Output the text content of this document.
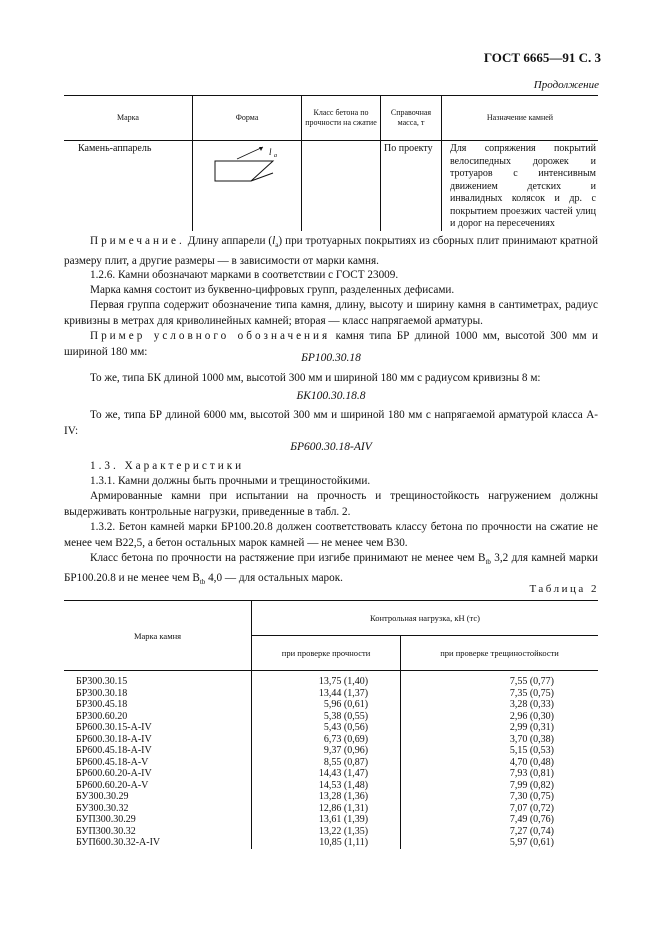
ГОСТ 6665—91 С. 3
Продолжение
Марка	Форма	Класс бетона по прочности на сжатие	Справочная масса, т	Назначение камней
Камень-аппарель	l а		По проекту	Для сопряжения покрытий велосипедных дорожек и тротуаров с интенсивным движением детских и инвалидных колясок и др. с покрытием проезжих частей улиц и дорог на пересечениях
Примечание. Длину аппарели $(l_а)$ при тротуарных покрытиях из сборных плит принимают кратной размеру плит, а другие размеры — в зависимости от марки камня.
1.2.6. Камни обозначают марками в соответствии с ГОСТ 23009.
Марка камня состоит из буквенно-цифровых групп, разделенных дефисами.
Первая группа содержит обозначение типа камня, длину, высоту и ширину камня в сантиметрах, радиус кривизны в метрах для криволинейных камней; вторая — класс напрягаемой арматуры.
Пример условного обозначения камня типа БР длиной 1000 мм, высотой 300 мм и шириной 180 мм:
БР100.30.18
То же, типа БК длиной 1000 мм, высотой 300 мм и шириной 180 мм с радиусом кривизны 8 м:
БК100.30.18.8
То же, типа БР длиной 6000 мм, высотой 300 мм и шириной 180 мм с напрягаемой арматурой класса А-IV:
БР600.30.18-АIV
1.3. Характеристики
1.3.1. Камни должны быть прочными и трещиностойкими.
Армированные камни при испытании на прочность и трещиностойкость нагружением должны выдерживать контрольные нагрузки, приведенные в табл. 2.
1.3.2. Бетон камней марки БР100.20.8 должен соответствовать классу бетона по прочности на сжатие не менее чем В22,5, а бетон остальных марок камней — не менее чем В30.
Класс бетона по прочности на растяжение при изгибе принимают не менее чем $В_{tb}$ 3,2 для камней марки БР100.20.8 и не менее чем $В_{tb}$ 4,0 — для остальных марок.
Таблица 2
Марка камня	Контрольная нагрузка, кН (тс)	
	при проверке прочности	при проверке трещиностойкости
БР300.30.15	13,75 (1,40)	7,55 (0,77)
БР300.30.18	13,44 (1,37)	7,35 (0,75)
БР300.45.18	5,96 (0,61)	3,28 (0,33)
БР300.60.20	5,38 (0,55)	2,96 (0,30)
БР600.30.15-А-IV	5,43 (0,56)	2,99 (0,31)
БР600.30.18-А-IV	6,73 (0,69)	3,70 (0,38)
БР600.45.18-А-IV	9,37 (0,96)	5,15 (0,53)
БР600.45.18-А-V	8,55 (0,87)	4,70 (0,48)
БР600.60.20-А-IV	14,43 (1,47)	7,93 (0,81)
БР600.60.20-А-V	14,53 (1,48)	7,99 (0,82)
БУ300.30.29	13,28 (1,36)	7,30 (0,75)
БУ300.30.32	12,86 (1,31)	7,07 (0,72)
БУП300.30.29	13,61 (1,39)	7,49 (0,76)
БУП300.30.32	13,22 (1,35)	7,27 (0,74)
БУП600.30.32-А-IV	10,85 (1,11)	5,97 (0,61)
